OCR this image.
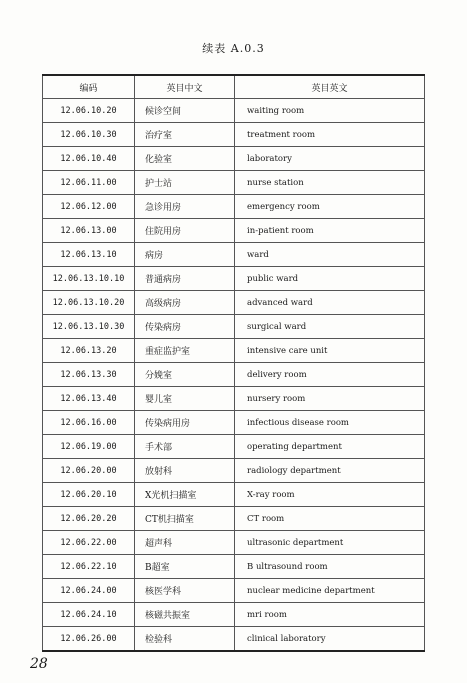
续表 A.0.3
编码	英目中文	英目英文
12.06.10.20	候诊空间	waiting room
12.06.10.30	治疗室	treatment room
12.06.10.40	化验室	laboratory
12.06.11.00	护士站	nurse station
12.06.12.00	急诊用房	emergency room
12.06.13.00	住院用房	in-patient room
12.06.13.10	病房	ward
12.06.13.10.10	普通病房	public ward
12.06.13.10.20	高级病房	advanced ward
12.06.13.10.30	传染病房	surgical ward
12.06.13.20	重症监护室	intensive care unit
12.06.13.30	分娩室	delivery room
12.06.13.40	婴儿室	nursery room
12.06.16.00	传染病用房	infectious disease room
12.06.19.00	手术部	operating department
12.06.20.00	放射科	radiology department
12.06.20.10	X光机扫描室	X-ray room
12.06.20.20	CT机扫描室	CT room
12.06.22.00	超声科	ultrasonic department
12.06.22.10	B超室	B ultrasound room
12.06.24.00	核医学科	nuclear medicine department
12.06.24.10	核磁共振室	mri room
12.06.26.00	检验科	clinical laboratory
28
